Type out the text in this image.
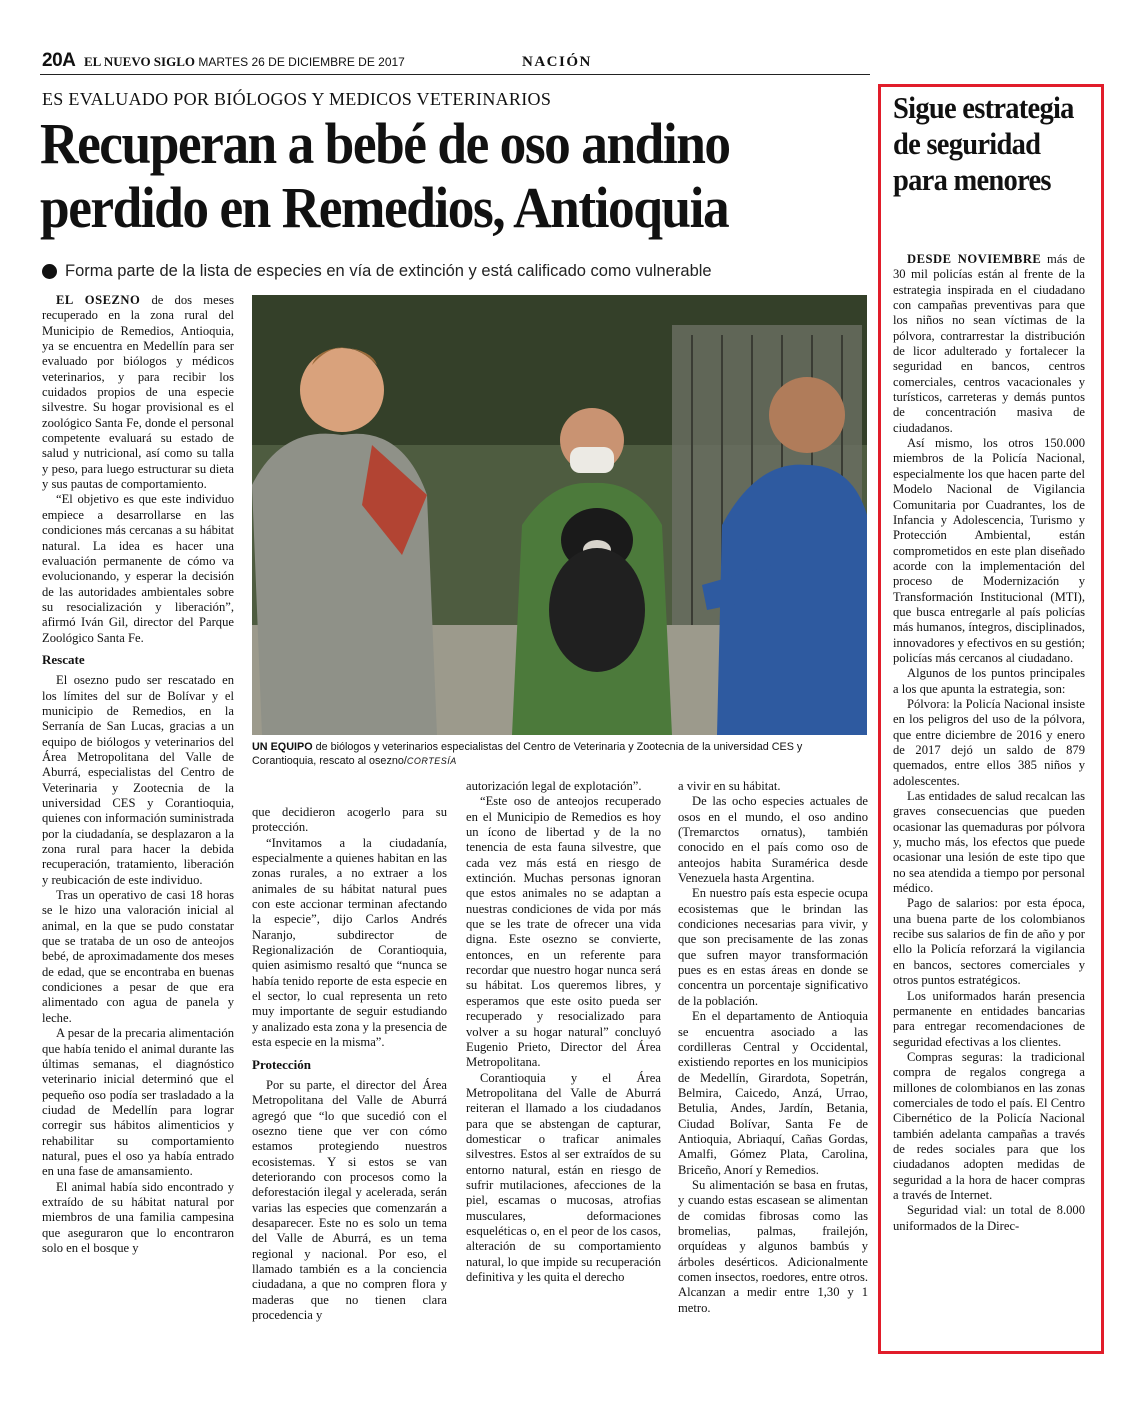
20A EL NUEVO SIGLO MARTES 26 DE DICIEMBRE DE 2017	NACIÓN
ES EVALUADO POR BIÓLOGOS Y MEDICOS VETERINARIOS
Recuperan a bebé de oso andino perdido en Remedios, Antioquia
Forma parte de la lista de especies en vía de extinción y está calificado como vulnerable

EL OSEZNO de dos meses recuperado en la zona rural del Municipio de Remedios, Antioquia, ya se encuentra en Medellín para ser evaluado por biólogos y médicos veterinarios, y para recibir los cuidados propios de una especie silvestre. Su hogar provisional es el zoológico Santa Fe, donde el personal competente evaluará su estado de salud y nutricional, así como su talla y peso, para luego estructurar su dieta y sus pautas de comportamiento.

“El objetivo es que este individuo empiece a desarrollarse en las condiciones más cercanas a su hábitat natural. La idea es hacer una evaluación permanente de cómo va evolucionando, y esperar la decisión de las autoridades ambientales sobre su resocialización y liberación”, afirmó Iván Gil, director del Parque Zoológico Santa Fe.

Rescate

El osezno pudo ser rescatado en los límites del sur de Bolívar y el municipio de Remedios, en la Serranía de San Lucas, gracias a un equipo de biólogos y veterinarios del Área Metropolitana del Valle de Aburrá, especialistas del Centro de Veterinaria y Zootecnia de la universidad CES y Corantioquia, quienes con información suministrada por la ciudadanía, se desplazaron a la zona rural para hacer la debida recuperación, tratamiento, liberación y reubicación de este individuo.

Tras un operativo de casi 18 horas se le hizo una valoración inicial al animal, en la que se pudo constatar que se trataba de un oso de anteojos bebé, de aproximadamente dos meses de edad, que se encontraba en buenas condiciones a pesar de que era alimentado con agua de panela y leche.

A pesar de la precaria alimentación que había tenido el animal durante las últimas semanas, el diagnóstico veterinario inicial determinó que el pequeño oso podía ser trasladado a la ciudad de Medellín para lograr corregir sus hábitos alimenticios y rehabilitar su comportamiento natural, pues el oso ya había entrado en una fase de amansamiento.

El animal había sido encontrado y extraído de su hábitat natural por miembros de una familia campesina que aseguraron que lo encontraron solo en el bosque y

UN EQUIPO de biólogos y veterinarios especialistas del Centro de Veterinaria y Zootecnia de la universidad CES y Corantioquia, rescato al osezno/CORTESÍA

que decidieron acogerlo para su protección.

“Invitamos a la ciudadanía, especialmente a quienes habitan en las zonas rurales, a no extraer a los animales de su hábitat natural pues con este accionar terminan afectando la especie”, dijo Carlos Andrés Naranjo, subdirector de Regionalización de Corantioquia, quien asimismo resaltó que “nunca se había tenido reporte de esta especie en el sector, lo cual representa un reto muy importante de seguir estudiando y analizado esta zona y la presencia de esta especie en la misma”.

Protección

Por su parte, el director del Área Metropolitana del Valle de Aburrá agregó que “lo que sucedió con el osezno tiene que ver con cómo estamos protegiendo nuestros ecosistemas. Y si estos se van deteriorando con procesos como la deforestación ilegal y acelerada, serán varias las especies que comenzarán a desaparecer. Este no es solo un tema del Valle de Aburrá, es un tema regional y nacional. Por eso, el llamado también es a la conciencia ciudadana, a que no compren flora y maderas que no tienen clara procedencia y

autorización legal de explotación”.

“Este oso de anteojos recuperado en el Municipio de Remedios es hoy un ícono de libertad y de la no tenencia de esta fauna silvestre, que cada vez más está en riesgo de extinción. Muchas personas ignoran que estos animales no se adaptan a nuestras condiciones de vida por más que se les trate de ofrecer una vida digna. Este osezno se convierte, entonces, en un referente para recordar que nuestro hogar nunca será su hábitat. Los queremos libres, y esperamos que este osito pueda ser recuperado y resocializado para volver a su hogar natural” concluyó Eugenio Prieto, Director del Área Metropolitana.

Corantioquia y el Área Metropolitana del Valle de Aburrá reiteran el llamado a los ciudadanos para que se abstengan de capturar, domesticar o traficar animales silvestres. Estos al ser extraídos de su entorno natural, están en riesgo de sufrir mutilaciones, afecciones de la piel, escamas o mucosas, atrofias musculares, deformaciones esqueléticas o, en el peor de los casos, alteración de su comportamiento natural, lo que impide su recuperación definitiva y les quita el derecho

a vivir en su hábitat.

De las ocho especies actuales de osos en el mundo, el oso andino (Tremarctos ornatus), también conocido en el país como oso de anteojos habita Suramérica desde Venezuela hasta Argentina.

En nuestro país esta especie ocupa ecosistemas que le brindan las condiciones necesarias para vivir, y que son precisamente de las zonas que sufren mayor transformación pues es en estas áreas en donde se concentra un porcentaje significativo de la población.

En el departamento de Antioquia se encuentra asociado a las cordilleras Central y Occidental, existiendo reportes en los municipios de Medellín, Girardota, Sopetrán, Belmira, Caicedo, Anzá, Urrao, Betulia, Andes, Jardín, Betania, Ciudad Bolívar, Santa Fe de Antioquia, Abriaquí, Cañas Gordas, Amalfi, Gómez Plata, Carolina, Briceño, Anorí y Remedios.

Su alimentación se basa en frutas, y cuando estas escasean se alimentan de comidas fibrosas como las bromelias, palmas, frailejón, orquídeas y algunos bambús y árboles desérticos. Adicionalmente comen insectos, roedores, entre otros. Alcanzan a medir entre 1,30 y 1 metro.

Sigue estrategia de seguridad para menores

DESDE NOVIEMBRE más de 30 mil policías están al frente de la estrategia inspirada en el ciudadano con campañas preventivas para que los niños no sean víctimas de la pólvora, contrarrestar la distribución de licor adulterado y fortalecer la seguridad en bancos, centros comerciales, centros vacacionales y turísticos, carreteras y demás puntos de concentración masiva de ciudadanos.

Así mismo, los otros 150.000 miembros de la Policía Nacional, especialmente los que hacen parte del Modelo Nacional de Vigilancia Comunitaria por Cuadrantes, los de Infancia y Adolescencia, Turismo y Protección Ambiental, están comprometidos en este plan diseñado acorde con la implementación del proceso de Modernización y Transformación Institucional (MTI), que busca entregarle al país policías más humanos, íntegros, disciplinados, innovadores y efectivos en su gestión; policías más cercanos al ciudadano.

Algunos de los puntos principales a los que apunta la estrategia, son:

Pólvora: la Policía Nacional insiste en los peligros del uso de la pólvora, que entre diciembre de 2016 y enero de 2017 dejó un saldo de 879 quemados, entre ellos 385 niños y adolescentes.

Las entidades de salud recalcan las graves consecuencias que pueden ocasionar las quemaduras por pólvora y, mucho más, los efectos que puede ocasionar una lesión de este tipo que no sea atendida a tiempo por personal médico.

Pago de salarios: por esta época, una buena parte de los colombianos recibe sus salarios de fin de año y por ello la Policía reforzará la vigilancia en bancos, sectores comerciales y otros puntos estratégicos.

Los uniformados harán presencia permanente en entidades bancarias para entregar recomendaciones de seguridad efectivas a los clientes.

Compras seguras: la tradicional compra de regalos congrega a millones de colombianos en las zonas comerciales de todo el país. El Centro Cibernético de la Policía Nacional también adelanta campañas a través de redes sociales para que los ciudadanos adopten medidas de seguridad a la hora de hacer compras a través de Internet.

Seguridad vial: un total de 8.000 uniformados de la Direc-
